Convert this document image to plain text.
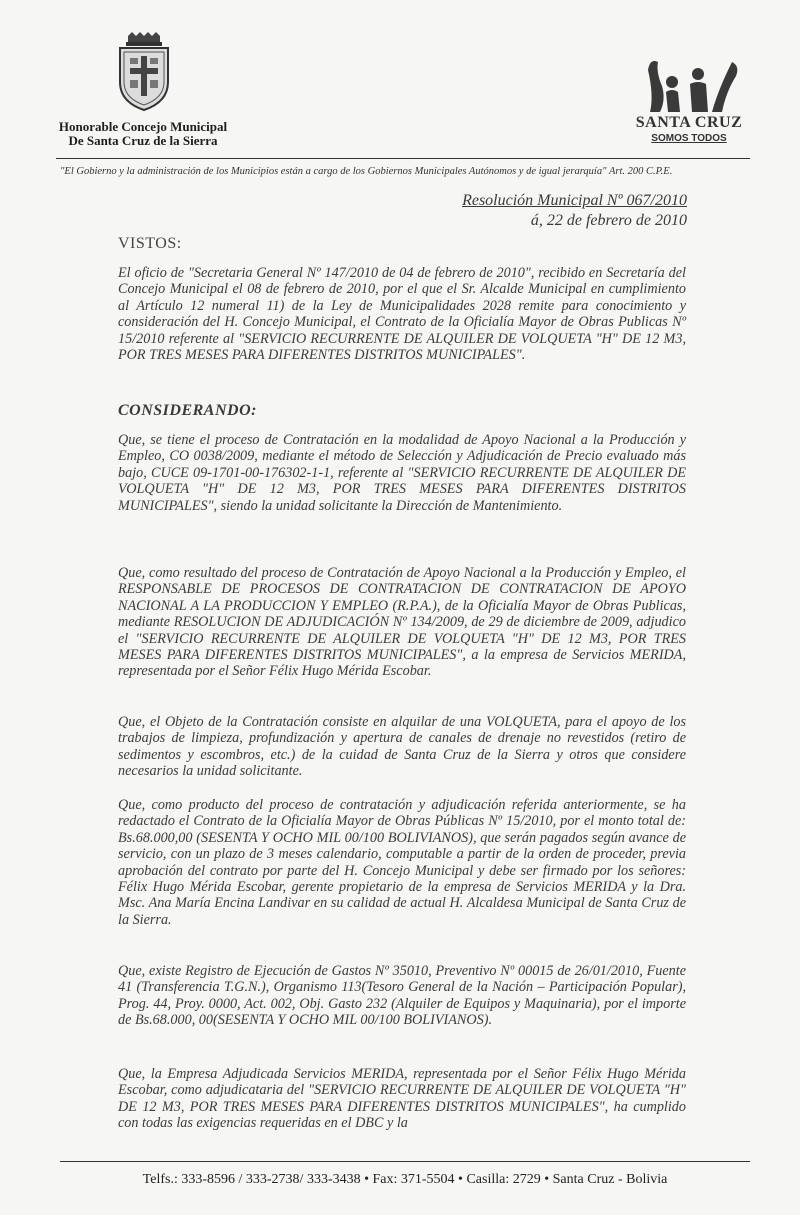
Honorable Concejo Municipal
De Santa Cruz de la Sierra
SANTA CRUZ
SOMOS TODOS
"El Gobierno y la administración de los Municipios están a cargo de los Gobiernos Municipales Autónomos y de igual jerarquía" Art. 200 C.P.E.
Resolución Municipal Nº 067/2010
á, 22 de febrero de 2010
VISTOS:
El oficio de "Secretaria General Nº 147/2010 de 04 de febrero de 2010", recibido en Secretaría del Concejo Municipal el 08 de febrero de 2010, por el que el Sr. Alcalde Municipal en cumplimiento al Artículo 12 numeral 11) de la Ley de Municipalidades 2028 remite para conocimiento y consideración del H. Concejo Municipal, el Contrato de la Oficialía Mayor de Obras Publicas Nº 15/2010 referente al "SERVICIO RECURRENTE DE ALQUILER DE VOLQUETA "H" DE 12 M3, POR TRES MESES PARA DIFERENTES DISTRITOS MUNICIPALES".
CONSIDERANDO:
Que, se tiene el proceso de Contratación en la modalidad de Apoyo Nacional a la Producción y Empleo, CO 0038/2009, mediante el método de Selección y Adjudicación de Precio evaluado más bajo, CUCE 09-1701-00-176302-1-1, referente al "SERVICIO RECURRENTE DE ALQUILER DE VOLQUETA "H" DE 12 M3, POR TRES MESES PARA DIFERENTES DISTRITOS MUNICIPALES", siendo la unidad solicitante la Dirección de Mantenimiento.
Que, como resultado del proceso de Contratación de Apoyo Nacional a la Producción y Empleo, el RESPONSABLE DE PROCESOS DE CONTRATACION DE CONTRATACION DE APOYO NACIONAL A LA PRODUCCION Y EMPLEO (R.P.A.), de la Oficialía Mayor de Obras Publicas, mediante RESOLUCION DE ADJUDICACIÓN Nº 134/2009, de 29 de diciembre de 2009, adjudico el "SERVICIO RECURRENTE DE ALQUILER DE VOLQUETA "H" DE 12 M3, POR TRES MESES PARA DIFERENTES DISTRITOS MUNICIPALES", a la empresa de Servicios MERIDA, representada por el Señor Félix Hugo Mérida Escobar.
Que, el Objeto de la Contratación consiste en alquilar de una VOLQUETA, para el apoyo de los trabajos de limpieza, profundización y apertura de canales de drenaje no revestidos (retiro de sedimentos y escombros, etc.) de la cuidad de Santa Cruz de la Sierra y otros que considere necesarios la unidad solicitante.
Que, como producto del proceso de contratación y adjudicación referida anteriormente, se ha redactado el Contrato de la Oficialía Mayor de Obras Públicas Nº 15/2010, por el monto total de: Bs.68.000,00 (SESENTA Y OCHO MIL 00/100 BOLIVIANOS), que serán pagados según avance de servicio, con un plazo de 3 meses calendario, computable a partir de la orden de proceder, previa aprobación del contrato por parte del H. Concejo Municipal y debe ser firmado por los señores: Félix Hugo Mérida Escobar, gerente propietario de la empresa de Servicios MERIDA y la Dra. Msc. Ana María Encina Landivar en su calidad de actual H. Alcaldesa Municipal de Santa Cruz de la Sierra.
Que, existe Registro de Ejecución de Gastos Nº 35010, Preventivo Nº 00015 de 26/01/2010, Fuente 41 (Transferencia T.G.N.), Organismo 113(Tesoro General de la Nación – Participación Popular), Prog. 44, Proy. 0000, Act. 002, Obj. Gasto 232 (Alquiler de Equipos y Maquinaria), por el importe de Bs.68.000, 00(SESENTA Y OCHO MIL 00/100 BOLIVIANOS).
Que, la Empresa Adjudicada Servicios MERIDA, representada por el Señor Félix Hugo Mérida Escobar, como adjudicataria del "SERVICIO RECURRENTE DE ALQUILER DE VOLQUETA "H" DE 12 M3, POR TRES MESES PARA DIFERENTES DISTRITOS MUNICIPALES", ha cumplido con todas las exigencias requeridas en el DBC y la
Telfs.: 333-8596 / 333-2738/ 333-3438 • Fax: 371-5504 • Casilla: 2729 • Santa Cruz - Bolivia
